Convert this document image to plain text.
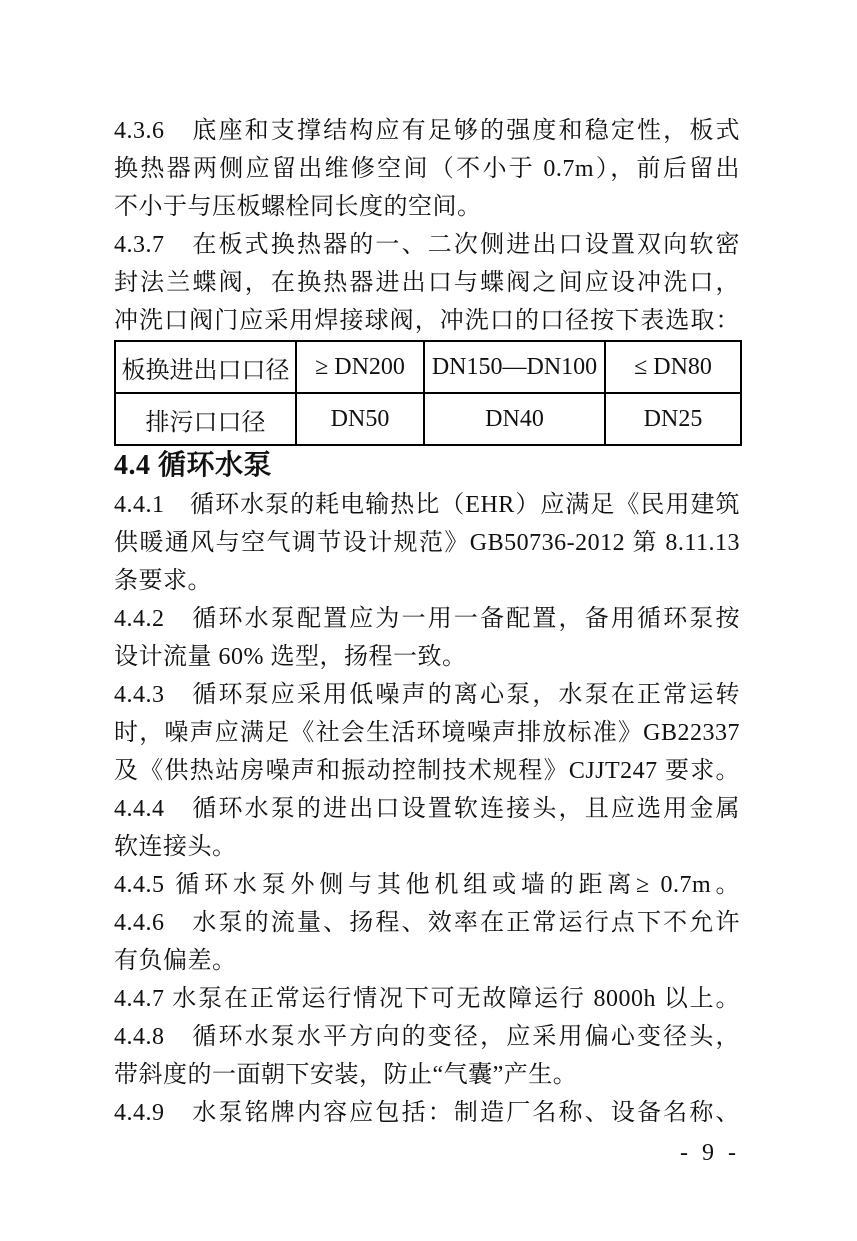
4.3.6　底座和支撑结构应有足够的强度和稳定性，板式
换热器两侧应留出维修空间（不小于 0.7m），前后留出
不小于与压板螺栓同长度的空间。
4.3.7　在板式换热器的一、二次侧进出口设置双向软密
封法兰蝶阀，在换热器进出口与蝶阀之间应设冲洗口，
冲洗口阀门应采用焊接球阀，冲洗口的口径按下表选取：
板换进出口口径	≥ DN200	DN150—DN100	≤ DN80
排污口口径	DN50	DN40	DN25
4.4 循环水泵
4.4.1　循环水泵的耗电输热比（EHR）应满足《民用建筑
供暖通风与空气调节设计规范》GB50736-2012 第 8.11.13
条要求。
4.4.2　循环水泵配置应为一用一备配置，备用循环泵按
设计流量 60% 选型，扬程一致。
4.4.3　循环泵应采用低噪声的离心泵，水泵在正常运转
时，噪声应满足《社会生活环境噪声排放标准》GB22337
及《供热站房噪声和振动控制技术规程》CJJT247 要求。
4.4.4　循环水泵的进出口设置软连接头，且应选用金属
软连接头。
4.4.5 循环水泵外侧与其他机组或墙的距离≥ 0.7m。
4.4.6　水泵的流量、扬程、效率在正常运行点下不允许
有负偏差。
4.4.7 水泵在正常运行情况下可无故障运行 8000h 以上。
4.4.8　循环水泵水平方向的变径，应采用偏心变径头，
带斜度的一面朝下安装，防止“气囊”产生。
4.4.9　水泵铭牌内容应包括：制造厂名称、设备名称、
- 9 -
